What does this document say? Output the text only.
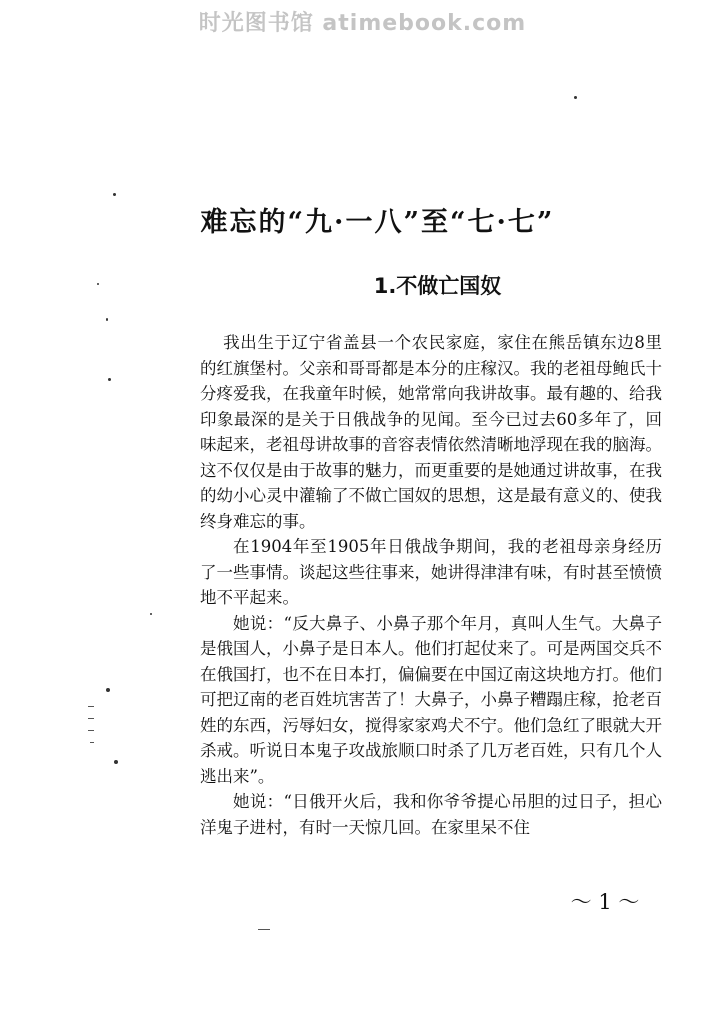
时光图书馆 atimebook.com
难忘的“九·一八”至“七·七”
1.不做亡国奴

我出生于辽宁省盖县一个农民家庭，家住在熊岳镇东边8里的红旗堡村。父亲和哥哥都是本分的庄稼汉。我的老祖母鲍氏十分疼爱我，在我童年时候，她常常向我讲故事。最有趣的、给我印象最深的是关于日俄战争的见闻。至今已过去60多年了，回味起来，老祖母讲故事的音容表情依然清晰地浮现在我的脑海。这不仅仅是由于故事的魅力，而更重要的是她通过讲故事，在我的幼小心灵中灌输了不做亡国奴的思想，这是最有意义的、使我终身难忘的事。

在1904年至1905年日俄战争期间，我的老祖母亲身经历了一些事情。谈起这些往事来，她讲得津津有味，有时甚至愤愤地不平起来。

她说：“反大鼻子、小鼻子那个年月，真叫人生气。大鼻子是俄国人，小鼻子是日本人。他们打起仗来了。可是两国交兵不在俄国打，也不在日本打，偏偏要在中国辽南这块地方打。他们可把辽南的老百姓坑害苦了！大鼻子，小鼻子糟蹋庄稼，抢老百姓的东西，污辱妇女，搅得家家鸡犬不宁。他们急红了眼就大开杀戒。听说日本鬼子攻战旅顺口时杀了几万老百姓，只有几个人逃出来”。

她说：“日俄开火后，我和你爷爷提心吊胆的过日子，担心洋鬼子进村，有时一天惊几回。在家里呆不住

～ 1 ～
